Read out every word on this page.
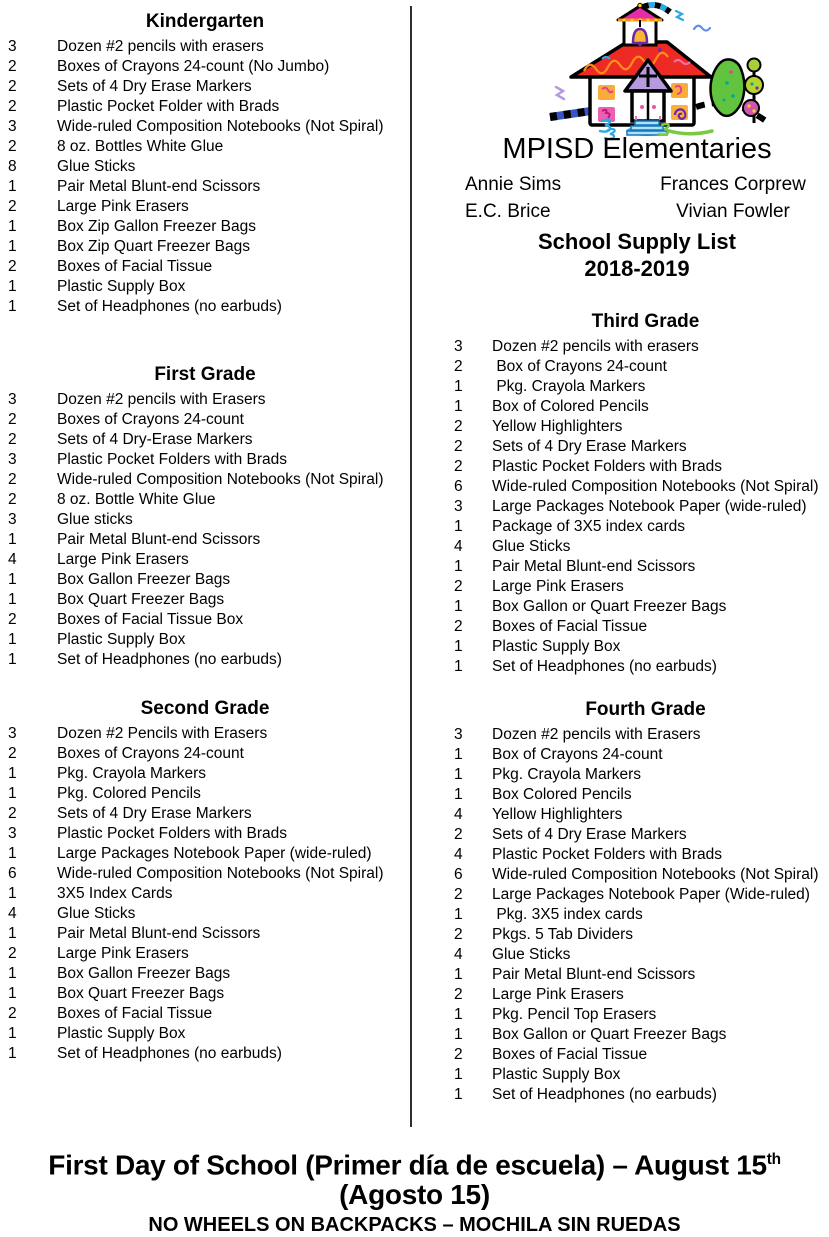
MPISD Elementaries
Annie Sims	Frances Corprew
E.C. Brice	Vivian Fowler
School Supply List
2018-2019
Kindergarten
3	Dozen #2 pencils with erasers
2	Boxes of Crayons 24-count (No Jumbo)
2	Sets of 4 Dry Erase Markers
2	Plastic Pocket Folder with Brads
3	Wide-ruled Composition Notebooks (Not Spiral)
2	8 oz. Bottles White Glue
8	Glue Sticks
1	Pair Metal Blunt-end Scissors
2	Large Pink Erasers
1	Box Zip Gallon Freezer Bags
1	Box Zip Quart Freezer Bags
2	Boxes of Facial Tissue
1	Plastic Supply Box
1	Set of Headphones (no earbuds)
First Grade
3	Dozen #2 pencils with Erasers
2	Boxes of Crayons 24-count
2	Sets of 4 Dry-Erase Markers
3	Plastic Pocket Folders with Brads
2	Wide-ruled Composition Notebooks (Not Spiral)
2	8 oz. Bottle White Glue
3	Glue sticks
1	Pair Metal Blunt-end Scissors
4	Large Pink Erasers
1	Box Gallon Freezer Bags
1	Box Quart Freezer Bags
2	Boxes of Facial Tissue Box
1	Plastic Supply Box
1	Set of Headphones (no earbuds)
Second Grade
3	Dozen #2 Pencils with Erasers
2	Boxes of Crayons 24-count
1	Pkg. Crayola Markers
1	Pkg. Colored Pencils
2	Sets of 4 Dry Erase Markers
3	Plastic Pocket Folders with Brads
1	Large Packages Notebook Paper (wide-ruled)
6	Wide-ruled Composition Notebooks (Not Spiral)
1	3X5 Index Cards
4	Glue Sticks
1	Pair Metal Blunt-end Scissors
2	Large Pink Erasers
1	Box Gallon Freezer Bags
1	Box Quart Freezer Bags
2	Boxes of Facial Tissue
1	Plastic Supply Box
1	Set of Headphones (no earbuds)
Third Grade
3	Dozen #2 pencils with erasers
2	Box of Crayons 24-count
1	Pkg. Crayola Markers
1	Box of Colored Pencils
2	Yellow Highlighters
2	Sets of 4 Dry Erase Markers
2	Plastic Pocket Folders with Brads
6	Wide-ruled Composition Notebooks (Not Spiral)
3	Large Packages Notebook Paper (wide-ruled)
1	Package of 3X5 index cards
4	Glue Sticks
1	Pair Metal Blunt-end Scissors
2	Large Pink Erasers
1	Box Gallon or Quart Freezer Bags
2	Boxes of Facial Tissue
1	Plastic Supply Box
1	Set of Headphones (no earbuds)
Fourth Grade
3	Dozen #2 pencils with Erasers
1	Box of Crayons 24-count
1	Pkg. Crayola Markers
1	Box Colored Pencils
4	Yellow Highlighters
2	Sets of 4 Dry Erase Markers
4	Plastic Pocket Folders with Brads
6	Wide-ruled Composition Notebooks (Not Spiral)
2	Large Packages Notebook Paper (Wide-ruled)
1	Pkg. 3X5 index cards
2	Pkgs. 5 Tab Dividers
4	Glue Sticks
1	Pair Metal Blunt-end Scissors
2	Large Pink Erasers
1	Pkg. Pencil Top Erasers
1	Box Gallon or Quart Freezer Bags
2	Boxes of Facial Tissue
1	Plastic Supply Box
1	Set of Headphones (no earbuds)
First Day of School (Primer día de escuela) – August 15th (Agosto 15)
NO WHEELS ON BACKPACKS – MOCHILA SIN RUEDAS
